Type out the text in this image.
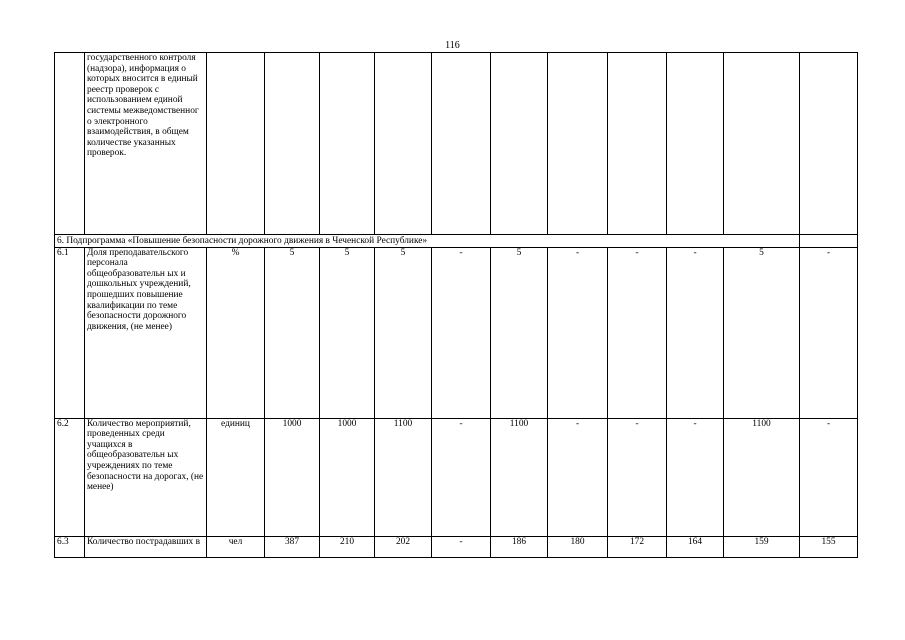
116
	государственного контроля (надзора), информация о которых вносится в единый реестр проверок с использованием единой системы межведомственног о электронного взаимодействия, в общем количестве указанных проверок.											
6. Подпрограмма «Повышение безопасности дорожного движения в Чеченской Республике»												
6.1	Доля преподавательского персонала общеобразовательн ых и дошкольных учреждений, прошедших повышение квалификации по теме безопасности дорожного движения, (не менее)	%	5	5	5	-	5	-	-	-	5	-
6.2	Количество мероприятий, проведенных среди учащихся в общеобразовательн ых учреждениях по теме безопасности на дорогах, (не менее)	единиц	1000	1000	1100	-	1100	-	-	-	1100	-
6.3	Количество пострадавших в	чел	387	210	202	-	186	180	172	164	159	155
